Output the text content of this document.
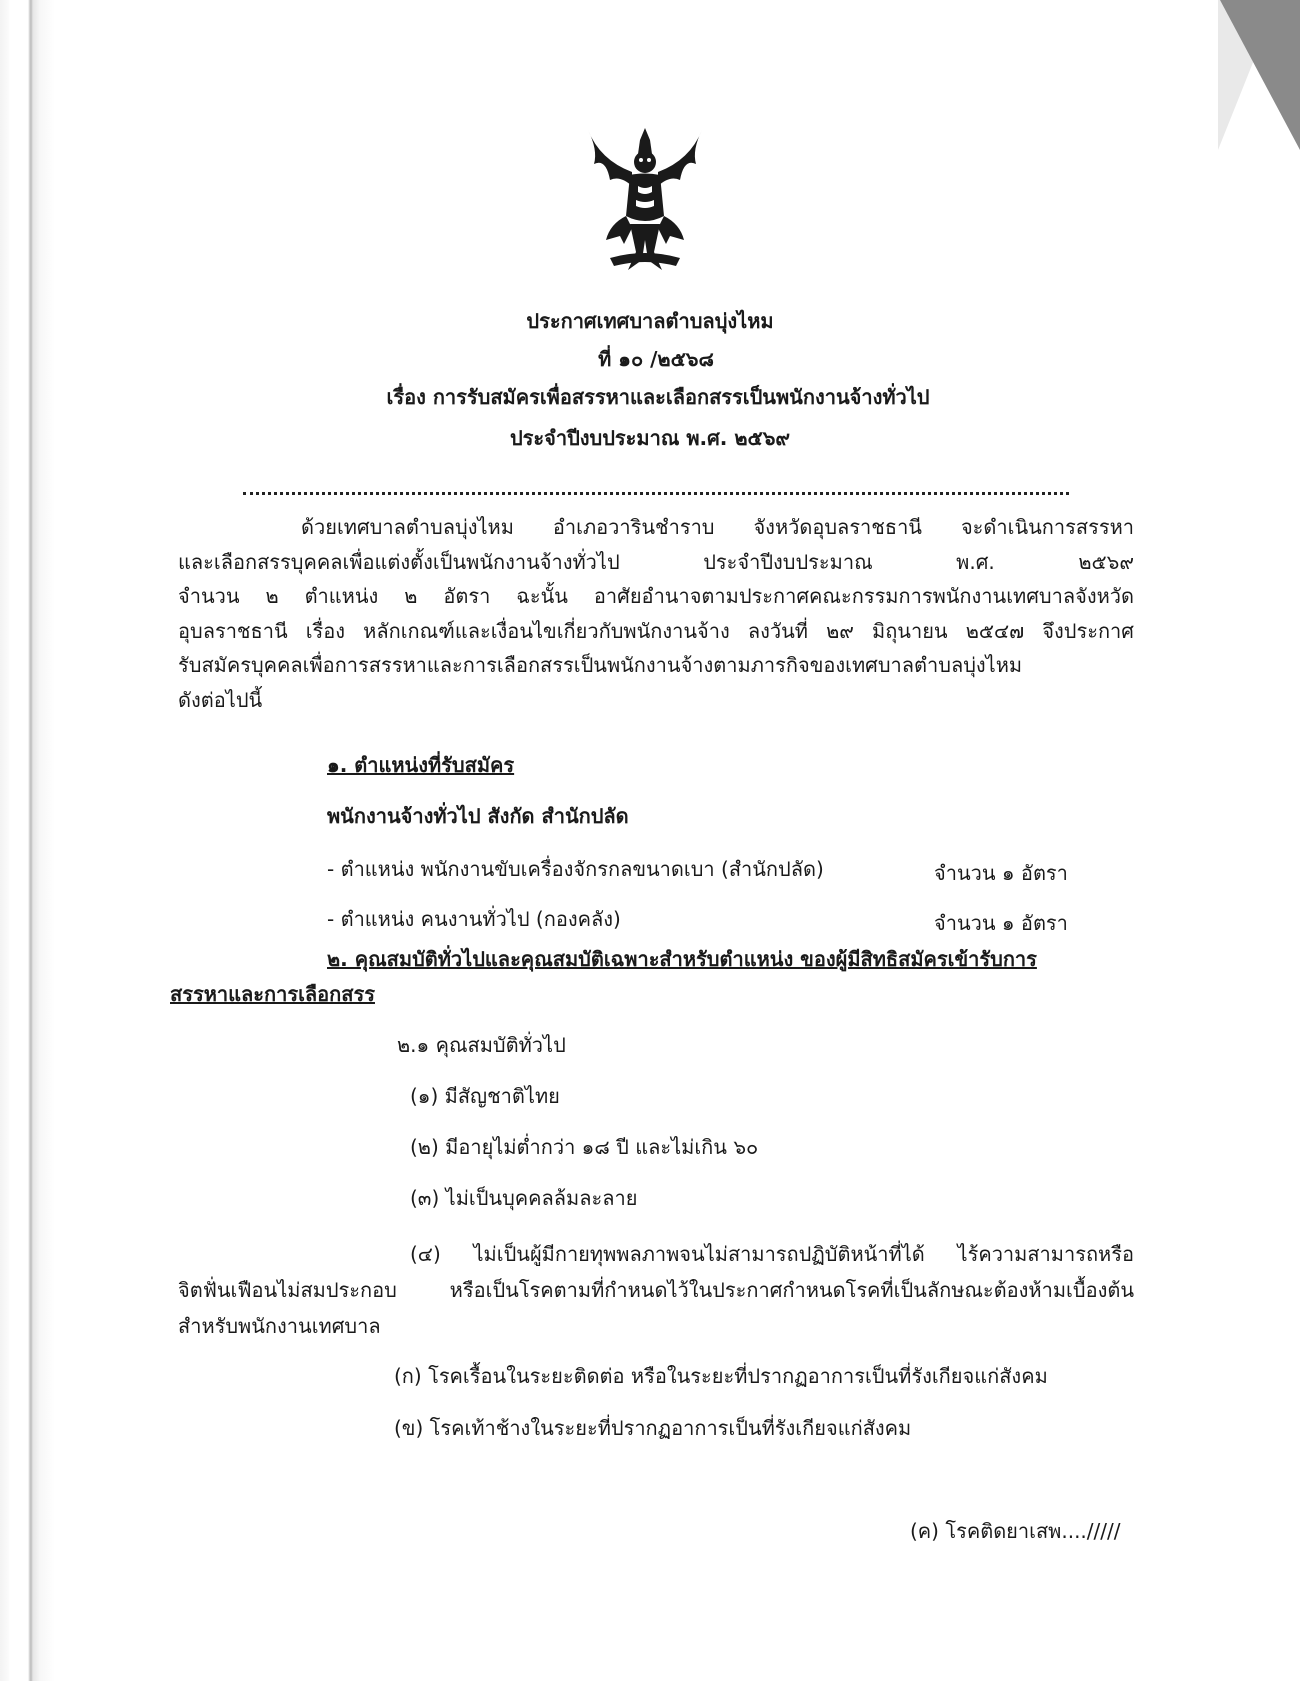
ประกาศเทศบาลตำบลบุ่งไหม
ที่ ๑๐ /๒๕๖๘
เรื่อง การรับสมัครเพื่อสรรหาและเลือกสรรเป็นพนักงานจ้างทั่วไป
ประจำปีงบประมาณ พ.ศ. ๒๕๖๙
ด้วยเทศบาลตำบลบุ่งไหม อำเภอวารินชำราบ จังหวัดอุบลราชธานี จะดำเนินการสรรหา
และเลือกสรรบุคคลเพื่อแต่งตั้งเป็นพนักงานจ้างทั่วไป ประจำปีงบประมาณ พ.ศ. ๒๕๖๙
จำนวน ๒ ตำแหน่ง ๒ อัตรา ฉะนั้น อาศัยอำนาจตามประกาศคณะกรรมการพนักงานเทศบาลจังหวัด
อุบลราชธานี เรื่อง หลักเกณฑ์และเงื่อนไขเกี่ยวกับพนักงานจ้าง ลงวันที่ ๒๙ มิถุนายน ๒๕๔๗ จึงประกาศ
รับสมัครบุคคลเพื่อการสรรหาและการเลือกสรรเป็นพนักงานจ้างตามภารกิจของเทศบาลตำบลบุ่งไหม
ดังต่อไปนี้
๑. ตำแหน่งที่รับสมัคร
พนักงานจ้างทั่วไป สังกัด สำนักปลัด
- ตำแหน่ง พนักงานขับเครื่องจักรกลขนาดเบา (สำนักปลัด)	จำนวน ๑ อัตรา
- ตำแหน่ง คนงานทั่วไป (กองคลัง)	จำนวน ๑ อัตรา
๒. คุณสมบัติทั่วไปและคุณสมบัติเฉพาะสำหรับตำแหน่ง ของผู้มีสิทธิสมัครเข้ารับการ
สรรหาและการเลือกสรร
๒.๑ คุณสมบัติทั่วไป
(๑) มีสัญชาติไทย
(๒) มีอายุไม่ต่ำกว่า ๑๘ ปี และไม่เกิน ๖๐
(๓) ไม่เป็นบุคคลล้มละลาย
(๔) ไม่เป็นผู้มีกายทุพพลภาพจนไม่สามารถปฏิบัติหน้าที่ได้ ไร้ความสามารถหรือ
จิตฟั่นเฟือนไม่สมประกอบ หรือเป็นโรคตามที่กำหนดไว้ในประกาศกำหนดโรคที่เป็นลักษณะต้องห้ามเบื้องต้น
สำหรับพนักงานเทศบาล
(ก) โรคเรื้อนในระยะติดต่อ หรือในระยะที่ปรากฏอาการเป็นที่รังเกียจแก่สังคม
(ข) โรคเท้าช้างในระยะที่ปรากฏอาการเป็นที่รังเกียจแก่สังคม
(ค) โรคติดยาเสพ..../////
